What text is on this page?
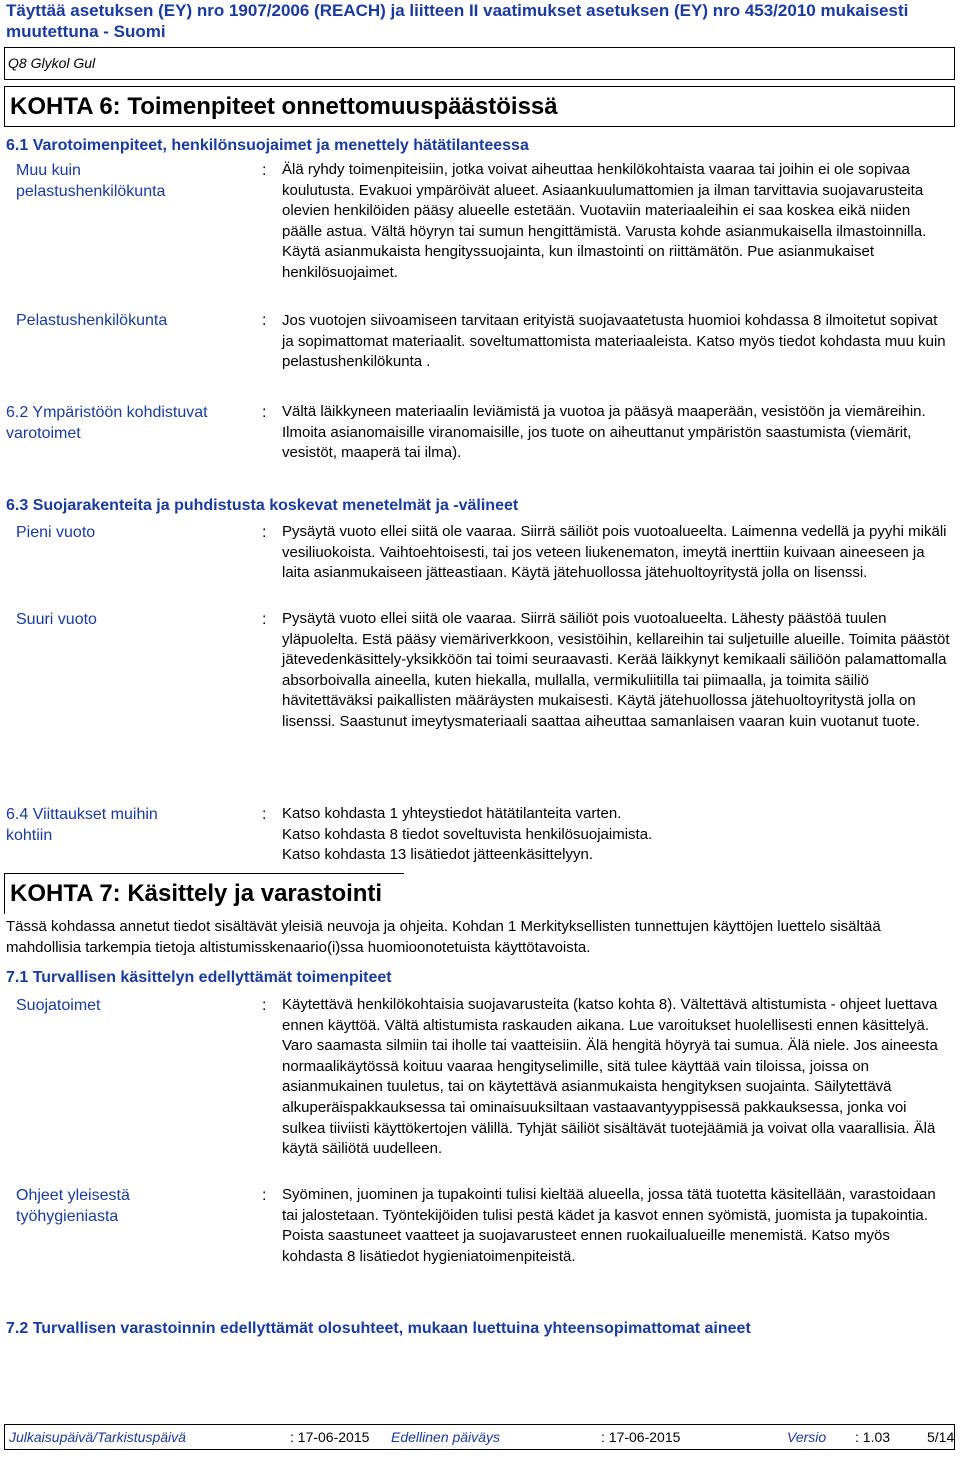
Täyttää asetuksen (EY) nro 1907/2006 (REACH) ja liitteen II vaatimukset asetuksen (EY) nro 453/2010 mukaisesti muutettuna - Suomi
Q8 Glykol Gul
KOHTA 6: Toimenpiteet onnettomuuspäästöissä
6.1 Varotoimenpiteet, henkilönsuojaimet ja menettely hätätilanteessa
Muu kuin pelastushenkilökunta
: Älä ryhdy toimenpiteisiin, jotka voivat aiheuttaa henkilökohtaista vaaraa tai joihin ei ole sopivaa koulutusta. Evakuoi ympäröivät alueet. Asiaankuulumattomien ja ilman tarvittavia suojavarusteita olevien henkilöiden pääsy alueelle estetään. Vuotaviin materiaaleihin ei saa koskea eikä niiden päälle astua. Vältä höyryn tai sumun hengittämistä. Varusta kohde asianmukaisella ilmastoinnilla. Käytä asianmukaista hengityssuojainta, kun ilmastointi on riittämätön. Pue asianmukaiset henkilösuojaimet.
Pelastushenkilökunta	: Jos vuotojen siivoamiseen tarvitaan erityistä suojavaatetusta huomioi kohdassa 8 ilmoitetut sopivat ja sopimattomat materiaalit. soveltumattomista materiaaleista. Katso myös tiedot kohdasta muu kuin pelastushenkilökunta .
6.2 Ympäristöön kohdistuvat varotoimet
: Vältä läikkyneen materiaalin leviämistä ja vuotoa ja pääsyä maaperään, vesistöön ja viemäreihin. Ilmoita asianomaisille viranomaisille, jos tuote on aiheuttanut ympäristön saastumista (viemärit, vesistöt, maaperä tai ilma).
6.3 Suojarakenteita ja puhdistusta koskevat menetelmät ja -välineet
Pieni vuoto	: Pysäytä vuoto ellei siitä ole vaaraa. Siirrä säiliöt pois vuotoalueelta. Laimenna vedellä ja pyyhi mikäli vesiliuokoista. Vaihtoehtoisesti, tai jos veteen liukenematon, imeytä inerttiin kuivaan aineeseen ja laita asianmukaiseen jätteastiaan. Käytä jätehuollossa jätehuoltoyritystä jolla on lisenssi.
Suuri vuoto	: Pysäytä vuoto ellei siitä ole vaaraa. Siirrä säiliöt pois vuotoalueelta. Lähesty päästöä tuulen yläpuolelta. Estä pääsy viemäriverkkoon, vesistöihin, kellareihin tai suljetuille alueille. Toimita päästöt jätevedenkäsittely-yksikköön tai toimi seuraavasti. Kerää läikkynyt kemikaali säiliöön palamattomalla absorboivalla aineella, kuten hiekalla, mullalla, vermikuliitilla tai piimaalla, ja toimita säiliö hävitettäväksi paikallisten määräysten mukaisesti. Käytä jätehuollossa jätehuoltoyritystä jolla on lisenssi. Saastunut imeytysmateriaali saattaa aiheuttaa samanlaisen vaaran kuin vuotanut tuote.
6.4 Viittaukset muihin kohtiin
: Katso kohdasta 1 yhteystiedot hätätilanteita varten.
Katso kohdasta 8 tiedot soveltuvista henkilösuojaimista.
Katso kohdasta 13 lisätiedot jätteenkäsittelyyn.
KOHTA 7: Käsittely ja varastointi
Tässä kohdassa annetut tiedot sisältävät yleisiä neuvoja ja ohjeita. Kohdan 1 Merkityksellisten tunnettujen käyttöjen luettelo sisältää mahdollisia tarkempia tietoja altistumisskenaario(i)ssa huomioonotetuista käyttötavoista.
7.1 Turvallisen käsittelyn edellyttämät toimenpiteet
Suojatoimet	: Käytettävä henkilökohtaisia suojavarusteita (katso kohta 8). Vältettävä altistumista - ohjeet luettava ennen käyttöä. Vältä altistumista raskauden aikana. Lue varoitukset huolellisesti ennen käsittelyä. Varo saamasta silmiin tai iholle tai vaatteisiin. Älä hengitä höyryä tai sumua. Älä niele. Jos aineesta normaalikäytössä koituu vaaraa hengityselimille, sitä tulee käyttää vain tiloissa, joissa on asianmukainen tuuletus, tai on käytettävä asianmukaista hengityksen suojainta. Säilytettävä alkuperäispakkauksessa tai ominaisuuksiltaan vastaavantyyppisessä pakkauksessa, jonka voi sulkea tiiviisti käyttökertojen välillä. Tyhjät säiliöt sisältävät tuotejäämiä ja voivat olla vaarallisia. Älä käytä säiliötä uudelleen.
Ohjeet yleisestä työhygieniasta
: Syöminen, juominen ja tupakointi tulisi kieltää alueella, jossa tätä tuotetta käsitellään, varastoidaan tai jalostetaan. Työntekijöiden tulisi pestä kädet ja kasvot ennen syömistä, juomista ja tupakointia. Poista saastuneet vaatteet ja suojavarusteet ennen ruokailualueille menemistä. Katso myös kohdasta 8 lisätiedot hygieniatoimenpiteistä.
7.2 Turvallisen varastoinnin edellyttämät olosuhteet, mukaan luettuina yhteensopimattomat aineet
Julkaisupäivä/Tarkistuspäivä	: 17-06-2015 Edellinen päiväys	: 17-06-2015	Versio : 1.03	5/14
